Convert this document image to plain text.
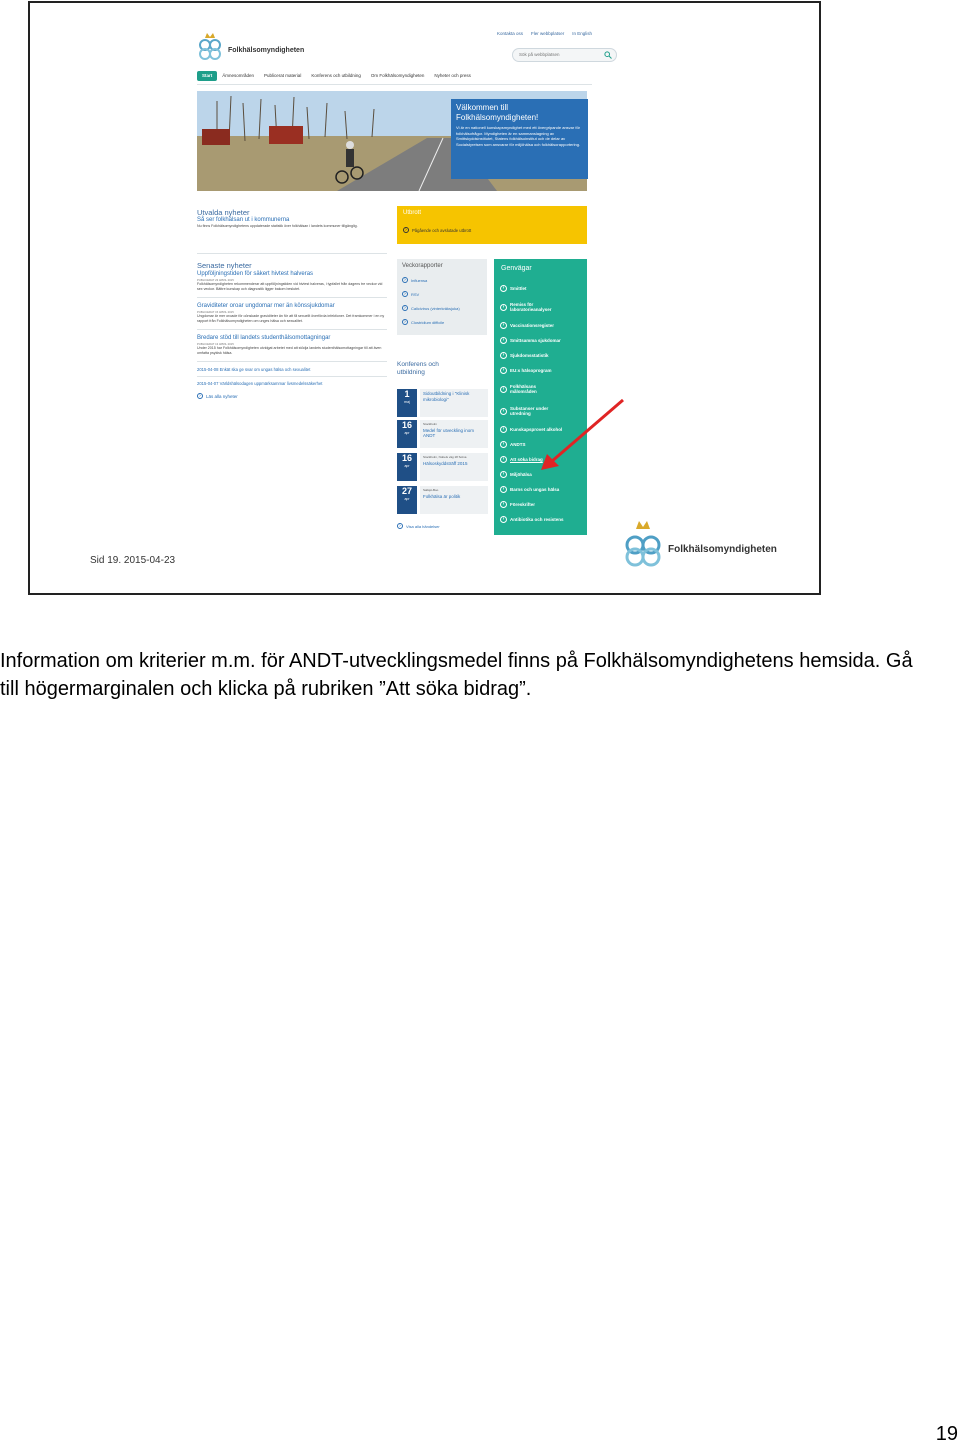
Folkhälsomyndigheten
Kontakta oss Fler webbplatser In English
Sök på webbplatsen
Start	Ämnesområden	Publicerat material	Konferens och utbildning	Om Folkhälsomyndigheten	Nyheter och press
Välkommen till Folkhälsomyndigheten!

Vi är en nationell kunskapsmyndighet med ett övergripande ansvar för folkhälsofrågor. Myndigheten är en sammanslagning av Smittskyddsinstitutet, Statens folkhälsoinstitut och de delar av Socialstyrelsen som ansvarar för miljöhälsa och folkhälsorapportering.

Utvalda nyheter
Så ser folkhälsan ut i kommunerna
Nu finns Folkhälsomyndighetens uppdaterade statistik över folkhälsan i landets kommuner tillgänglig.
Senaste nyheter
Uppföljningstiden för säkert hivtest halveras
PUBLICERAT 23 APRIL 2015
Folkhälsomyndigheten rekommenderar att uppföljningstiden vid hivtest halveras, i typfallet från dagens tre veckor vid sex veckor. Bättre kunskap och diagnostik ligger bakom beslutet.
Graviditeter oroar ungdomar mer än könssjukdomar
PUBLICERAT 15 APRIL 2015
Ungdomar är mer oroade för oönskade graviditeter än för att få sexuellt överförda infektioner. Det framkommer i en ny rapport från Folkhälsomyndigheten om unges hälsa och sexualitet.
Bredare stöd till landets studenthälsomottagningar
PUBLICERAT 13 APRIL 2015
Under 2015 har Folkhälsomyndigheten utvidgat arbetet med att stödja landets studenthälsomottagningar till att även omfatta psykisk hälsa.
2015-04-08 Enkät ska ge svar om ungas hälsa och sexualitet
2015-04-07 Världshälsodagen uppmärksammar livsmedelssäkerhet
›	Läs alla nyheter
Utbrott
›	Pågående och avslutade utbrott
Veckorapporter
›	Influensa
›	RSV
›	Calicivirus (vinterkräksjuka)
›	Clostridium difficile
Konferens och utbildning
1
maj
Sidoutbildning i "Klinisk mikrobiologi"
16
apr
Stockholm
Medel för utveckling inom ANDT
16
apr
Stockholm, Nobels väg 18 Solna
Hälsoskyddsträff 2015
27
apr
Saltsjö-Boo
Folkhälsa är politik
›	Visa alla händelser
Genvägar
›	Smittlet
›	Remiss för laboratorieanalyser
›	Vaccinationsregister
›	Smittsamma sjukdomar
›	Sjukdomsstatistik
›	EU:s hälsoprogram
›	Folkhälsans målområden
›	Substanser under utredning
›	Kunskapsprovet alkohol
›	ANDTS
›	Att söka bidrag
›	Miljöhälsa
›	Barns och ungas hälsa
›	Föreskrifter
›	Antibiotika och resistens
Sid 19. 2015-04-23
Folkhälsomyndigheten
Information om kriterier m.m. för ANDT-utvecklingsmedel finns på Folkhälsomyndighetens hemsida. Gå till högermarginalen och klicka på rubriken ”Att söka bidrag”.
19
